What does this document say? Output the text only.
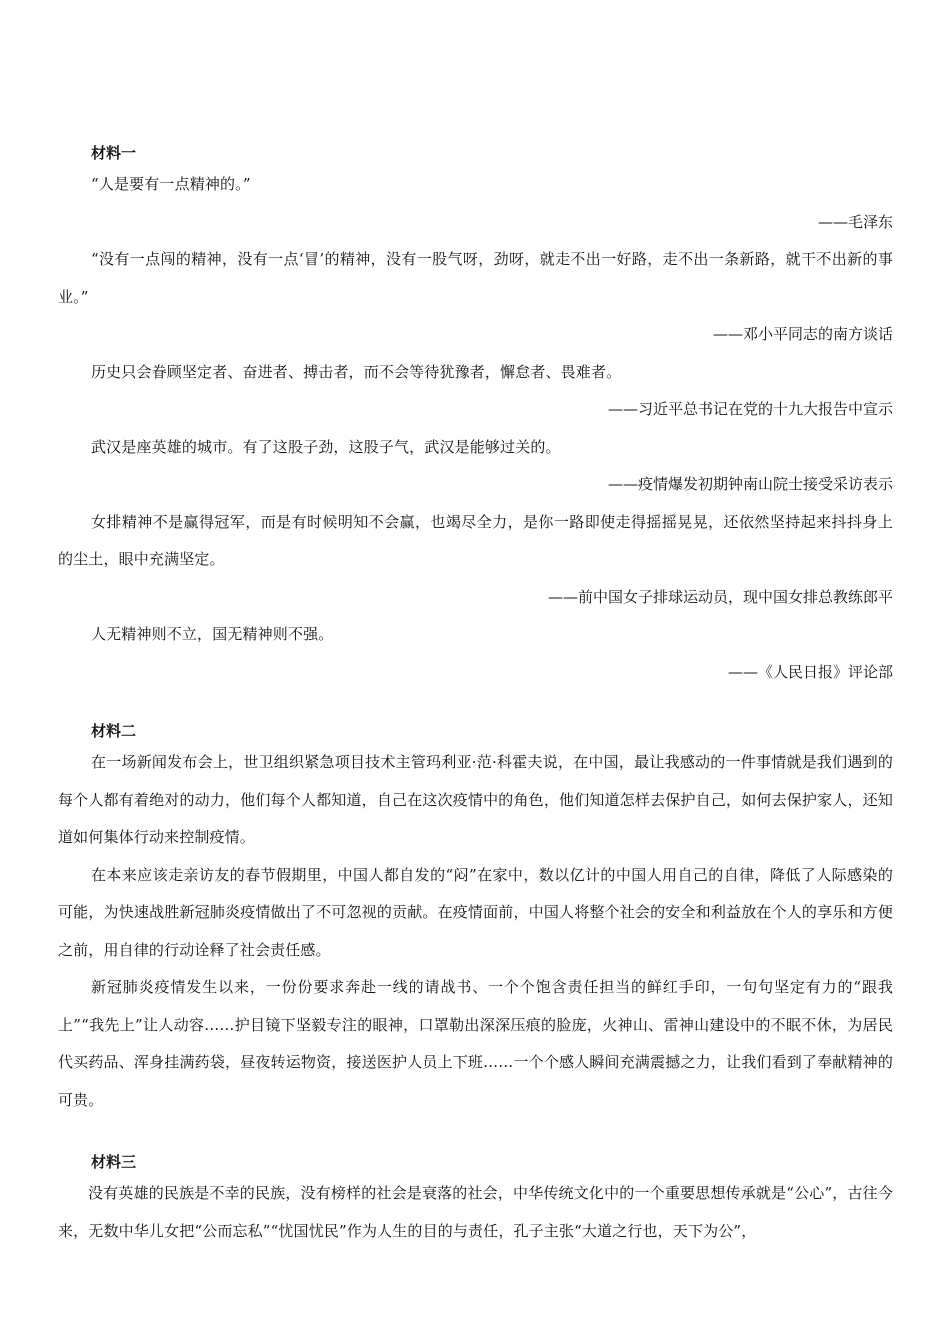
材料一

“人是要有一点精神的。”

——毛泽东

“没有一点闯的精神，没有一点‘冒’的精神，没有一股气呀，劲呀，就走不出一好路，走不出一条新路，就干不出新的事业。”

——邓小平同志的南方谈话

历史只会眷顾坚定者、奋进者、搏击者，而不会等待犹豫者，懈怠者、畏难者。

——习近平总书记在党的十九大报告中宣示

武汉是座英雄的城市。有了这股子劲，这股子气，武汉是能够过关的。

——疫情爆发初期钟南山院士接受采访表示

女排精神不是赢得冠军，而是有时候明知不会赢，也竭尽全力，是你一路即使走得摇摇晃晃，还依然坚持起来抖抖身上的尘土，眼中充满坚定。

——前中国女子排球运动员，现中国女排总教练郎平

人无精神则不立，国无精神则不强。

——《人民日报》评论部

材料二

在一场新闻发布会上，世卫组织紧急项目技术主管玛利亚·范·科霍夫说，在中国，最让我感动的一件事情就是我们遇到的每个人都有着绝对的动力，他们每个人都知道，自己在这次疫情中的角色，他们知道怎样去保护自己，如何去保护家人，还知道如何集体行动来控制疫情。

在本来应该走亲访友的春节假期里，中国人都自发的“闷”在家中，数以亿计的中国人用自己的自律，降低了人际感染的可能，为快速战胜新冠肺炎疫情做出了不可忽视的贡献。在疫情面前，中国人将整个社会的安全和利益放在个人的享乐和方便之前，用自律的行动诠释了社会责任感。

新冠肺炎疫情发生以来，一份份要求奔赴一线的请战书、一个个饱含责任担当的鲜红手印，一句句坚定有力的“跟我上”“我先上”让人动容……护目镜下坚毅专注的眼神，口罩勒出深深压痕的脸庞，火神山、雷神山建设中的不眠不休，为居民代买药品、浑身挂满药袋，昼夜转运物资，接送医护人员上下班……一个个感人瞬间充满震撼之力，让我们看到了奉献精神的可贵。

材料三

没有英雄的民族是不幸的民族，没有榜样的社会是衰落的社会，中华传统文化中的一个重要思想传承就是“公心”，古往今来，无数中华儿女把“公而忘私”“忧国忧民”作为人生的目的与责任，孔子主张“大道之行也，天下为公”，
